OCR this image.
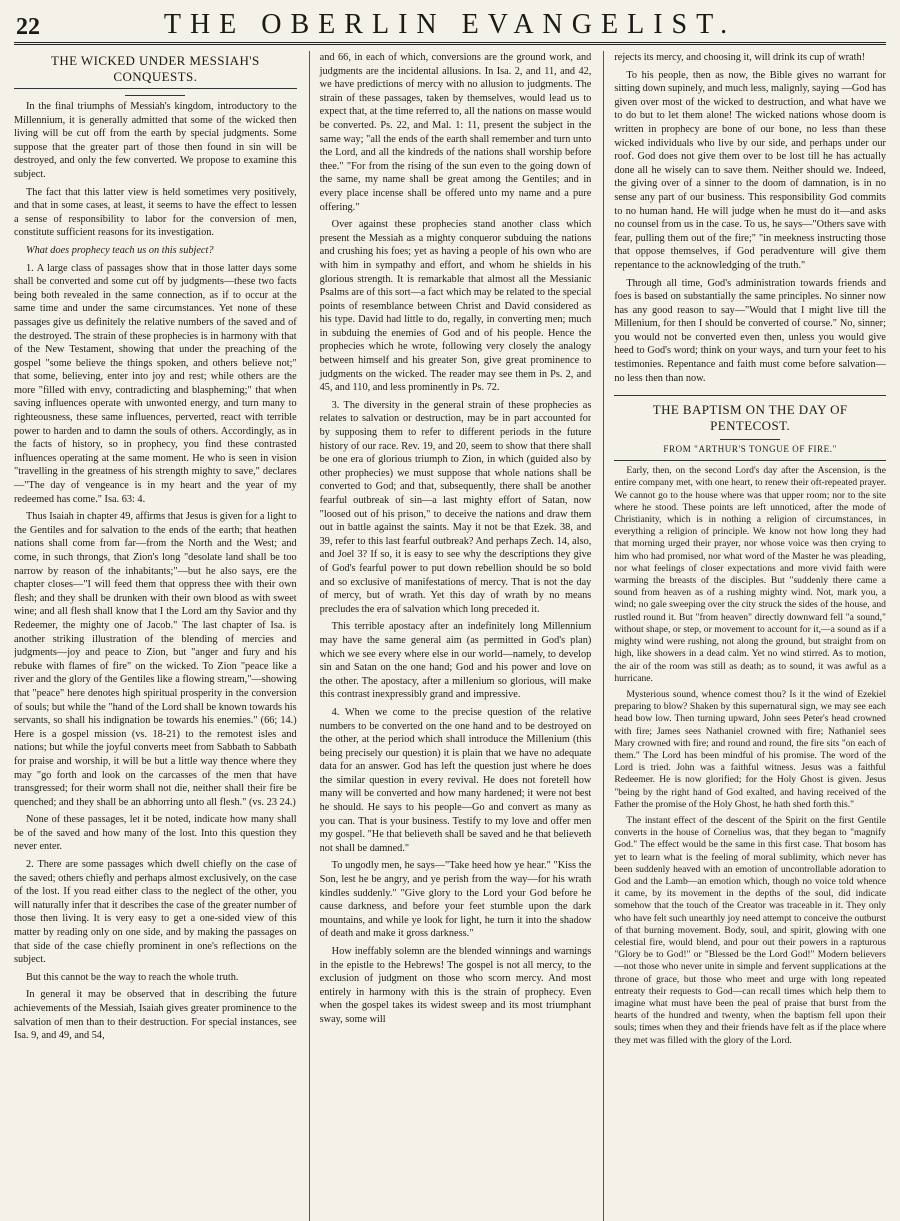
22	THE OBERLIN EVANGELIST.
THE WICKED UNDER MESSIAH'S CONQUESTS.

In the final triumphs of Messiah's kingdom, introductory to the Millennium, it is generally admitted that some of the wicked then living will be cut off from the earth by special judgments. Some suppose that the greater part of those then found in sin will be destroyed, and only the few converted. We propose to examine this subject.

The fact that this latter view is held sometimes very positively, and that in some cases, at least, it seems to have the effect to lessen a sense of responsibility to labor for the conversion of men, constitute sufficient reasons for its investigation.

What does prophecy teach us on this subject?

1. A large class of passages show that in those latter days some shall be converted and some cut off by judgments—these two facts being both revealed in the same connection, as if to occur at the same time and under the same circumstances. Yet none of these passages give us definitely the relative numbers of the saved and of the destroyed. The strain of these prophecies is in harmony with that of the New Testament, showing that under the preaching of the gospel "some believe the things spoken, and others believe not;" that some, believing, enter into joy and rest; while others are the more "filled with envy, contradicting and blaspheming;" that when saving influences operate with unwonted energy, and turn many to righteousness, these same influences, perverted, react with terrible power to harden and to damn the souls of others. Accordingly, as in the facts of history, so in prophecy, you find these contrasted influences operating at the same moment. He who is seen in vision "travelling in the greatness of his strength mighty to save," declares—"The day of vengeance is in my heart and the year of my redeemed has come." Isa. 63: 4.

Thus Isaiah in chapter 49, affirms that Jesus is given for a light to the Gentiles and for salvation to the ends of the earth; that heathen nations shall come from far—from the North and the West; and come, in such throngs, that Zion's long "desolate land shall be too narrow by reason of the inhabitants;"—but he also says, ere the chapter closes—"I will feed them that oppress thee with their own flesh; and they shall be drunken with their own blood as with sweet wine; and all flesh shall know that I the Lord am thy Savior and thy Redeemer, the mighty one of Jacob." The last chapter of Isa. is another striking illustration of the blending of mercies and judgments—joy and peace to Zion, but "anger and fury and his rebuke with flames of fire" on the wicked. To Zion "peace like a river and the glory of the Gentiles like a flowing stream,"—showing that "peace" here denotes high spiritual prosperity in the conversion of souls; but while the "hand of the Lord shall be known towards his servants, so shall his indignation be towards his enemies." (66; 14.) Here is a gospel mission (vs. 18-21) to the remotest isles and nations; but while the joyful converts meet from Sabbath to Sabbath for praise and worship, it will be but a little way thence where they may "go forth and look on the carcasses of the men that have transgressed; for their worm shall not die, neither shall their fire be quenched; and they shall be an abhorring unto all flesh." (vs. 23 24.)

None of these passages, let it be noted, indicate how many shall be of the saved and how many of the lost. Into this question they never enter.

2. There are some passages which dwell chiefly on the case of the saved; others chiefly and perhaps almost exclusively, on the case of the lost. If you read either class to the neglect of the other, you will naturally infer that it describes the case of the greater number of those then living. It is very easy to get a one-sided view of this matter by reading only on one side, and by making the passages on that side of the case chiefly prominent in one's reflections on the subject.

But this cannot be the way to reach the whole truth.

In general it may be observed that in describing the future achievements of the Messiah, Isaiah gives greater prominence to the salvation of men than to their destruction. For special instances, see Isa. 9, and 49, and 54,

and 66, in each of which, conversions are the ground work, and judgments are the incidental allusions. In Isa. 2, and 11, and 42, we have predictions of mercy with no allusion to judgments. The strain of these passages, taken by themselves, would lead us to expect that, at the time referred to, all the nations on masse would be converted. Ps. 22, and Mal. 1: 11, present the subject in the same way; "all the ends of the earth shall remember and turn unto the Lord, and all the kindreds of the nations shall worship before thee." "For from the rising of the sun even to the going down of the same, my name shall be great among the Gentiles; and in every place incense shall be offered unto my name and a pure offering."

Over against these prophecies stand another class which present the Messiah as a mighty conqueror subduing the nations and crushing his foes; yet as having a people of his own who are with him in sympathy and effort, and whom he shields in his glorious strength. It is remarkable that almost all the Messianic Psalms are of this sort—a fact which may be related to the special points of resemblance between Christ and David considered as his type. David had little to do, regally, in converting men; much in subduing the enemies of God and of his people. Hence the prophecies which he wrote, following very closely the analogy between himself and his greater Son, give great prominence to judgments on the wicked. The reader may see them in Ps. 2, and 45, and 110, and less prominently in Ps. 72.

3. The diversity in the general strain of these prophecies as relates to salvation or destruction, may be in part accounted for by supposing them to refer to different periods in the future history of our race. Rev. 19, and 20, seem to show that there shall be one era of glorious triumph to Zion, in which (guided also by other prophecies) we must suppose that whole nations shall be converted to God; and that, subsequently, there shall be another fearful outbreak of sin—a last mighty effort of Satan, now "loosed out of his prison," to deceive the nations and draw them out in battle against the saints. May it not be that Ezek. 38, and 39, refer to this last fearful outbreak? And perhaps Zech. 14, also, and Joel 3? If so, it is easy to see why the descriptions they give of God's fearful power to put down rebellion should be so bold and so exclusive of manifestations of mercy. That is not the day of mercy, but of wrath. Yet this day of wrath by no means precludes the era of salvation which long preceded it.

This terrible apostacy after an indefinitely long Millennium may have the same general aim (as permitted in God's plan) which we see every where else in our world—namely, to develop sin and Satan on the one hand; God and his power and love on the other. The apostacy, after a millenium so glorious, will make this contrast inexpressibly grand and impressive.

4. When we come to the precise question of the relative numbers to be converted on the one hand and to be destroyed on the other, at the period which shall introduce the Millenium (this being precisely our question) it is plain that we have no adequate data for an answer. God has left the question just where he does the similar question in every revival. He does not foretell how many will be converted and how many hardened; it were not best he should. He says to his people—Go and convert as many as you can. That is your business. Testify to my love and offer men my gospel. "He that believeth shall be saved and he that believeth not shall be damned."

To ungodly men, he says—"Take heed how ye hear." "Kiss the Son, lest he be angry, and ye perish from the way—for his wrath kindles suddenly." "Give glory to the Lord your God before he cause darkness, and before your feet stumble upon the dark mountains, and while ye look for light, he turn it into the shadow of death and make it gross darkness."

How ineffably solemn are the blended winnings and warnings in the epistle to the Hebrews! The gospel is not all mercy, to the exclusion of judgment on those who scorn mercy. And most entirely in harmony with this is the strain of prophecy. Even when the gospel takes its widest sweep and its most triumphant sway, some will

rejects its mercy, and choosing it, will drink its cup of wrath!

To his people, then as now, the Bible gives no warrant for sitting down supinely, and much less, malignly, saying —God has given over most of the wicked to destruction, and what have we to do but to let them alone! The wicked nations whose doom is written in prophecy are bone of our bone, no less than these wicked individuals who live by our side, and perhaps under our roof. God does not give them over to be lost till he has actually done all he wisely can to save them. Neither should we. Indeed, the giving over of a sinner to the doom of damnation, is in no sense any part of our business. This responsibility God commits to no human hand. He will judge when he must do it—and asks no counsel from us in the case. To us, he says—"Others save with fear, pulling them out of the fire;" "in meekness instructing those that oppose themselves, if God peradventure will give them repentance to the acknowledging of the truth."

Through all time, God's administration towards friends and foes is based on substantially the same principles. No sinner now has any good reason to say—"Would that I might live till the Millenium, for then I should be converted of course." No, sinner; you would not be converted even then, unless you would give heed to God's word; think on your ways, and turn your feet to his testimonies. Repentance and faith must come before salvation—no less then than now.

THE BAPTISM ON THE DAY OF PENTECOST.
FROM "ARTHUR'S TONGUE OF FIRE."

Early, then, on the second Lord's day after the Ascension, is the entire company met, with one heart, to renew their oft-repeated prayer. We cannot go to the house where was that upper room; nor to the site where he stood. These points are left unnoticed, after the mode of Christianity, which is in nothing a religion of circumstances, in everything a religion of principle. We know not how long they had that morning urged their prayer, nor whose voice was then crying to him who had promised, nor what word of the Master he was pleading, nor what feelings of closer expectations and more vivid faith were warming the breasts of the disciples. But "suddenly there came a sound from heaven as of a rushing mighty wind. Not, mark you, a wind; no gale sweeping over the city struck the sides of the house, and rustled round it. But "from heaven" directly downward fell "a sound," without shape, or step, or movement to account for it,—a sound as if a mighty wind were rushing, not along the ground, but straight from on high, like showers in a dead calm. Yet no wind stirred. As to motion, the air of the room was still as death; as to sound, it was awful as a hurricane.

Mysterious sound, whence comest thou? Is it the wind of Ezekiel preparing to blow? Shaken by this supernatural sign, we may see each head bow low. Then turning upward, John sees Peter's head crowned with fire; James sees Nathaniel crowned with fire; Nathaniel sees Mary crowned with fire; and round and round, the fire sits "on each of them." The Lord has been mindful of his promise. The word of the Lord is tried. John was a faithful witness. Jesus was a faithful Redeemer. He is now glorified; for the Holy Ghost is given. Jesus "being by the right hand of God exalted, and having received of the Father the promise of the Holy Ghost, he hath shed forth this."

The instant effect of the descent of the Spirit on the first Gentile converts in the house of Cornelius was, that they began to "magnify God." The effect would be the same in this first case. That bosom has yet to learn what is the feeling of moral sublimity, which never has been suddenly heaved with an emotion of uncontrollable adoration to God and the Lamb—an emotion which, though no voice told whence it came, by its movement in the depths of the soul, did indicate somehow that the touch of the Creator was traceable in it. They only who have felt such unearthly joy need attempt to conceive the outburst of that burning movement. Body, soul, and spirit, glowing with one celestial fire, would blend, and pour out their powers in a rapturous "Glory be to God!" or "Blessed be the Lord God!" Modern believers—not those who never unite in simple and fervent supplications at the throne of grace, but those who meet and urge with long repeated entreaty their requests to God—can recall times which help them to imagine what must have been the peal of praise that burst from the hearts of the hundred and twenty, when the baptism fell upon their souls; times when they and their friends have felt as if the place where they met was filled with the glory of the Lord.
